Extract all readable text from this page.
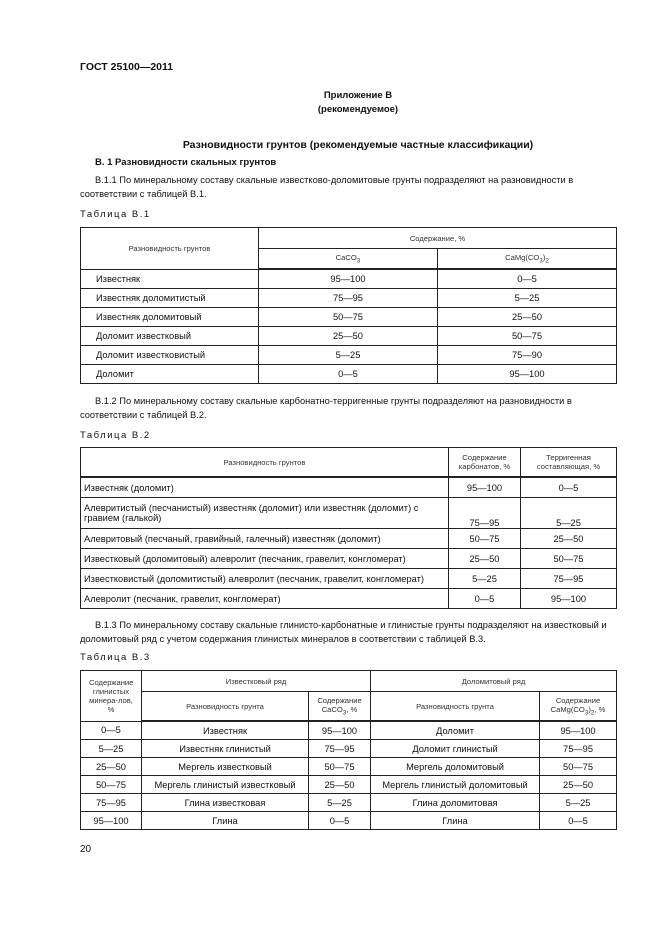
ГОСТ 25100—2011
Приложение В
(рекомендуемое)
Разновидности грунтов (рекомендуемые частные классификации)
В. 1 Разновидности скальных грунтов
В.1.1 По минеральному составу скальные известково-доломитовые грунты подразделяют на разновидности в соответствии с таблицей В.1.
Таблица В.1
Разновидность грунтов	Содержание, %	
	CaCO$_3$	$CaMg(CO_3)_2$
Известняк	95—100	0—5
Известняк доломитистый	75—95	5—25
Известняк доломитовый	50—75	25—50
Доломит известковый	25—50	50—75
Доломит известковистый	5—25	75—90
Доломит	0—5	95—100
В.1.2 По минеральному составу скальные карбонатно-терригенные грунты подразделяют на разновидности в соответствии с таблицей В.2.
Таблица В.2
Разновидность грунтов	Содержание карбонатов, %	Терригенная составляющая, %
Известняк (доломит)	95—100	0—5
Алевритистый (песчанистый) известняк (доломит) или известняк (доломит) с гравием (галькой)	75—95	5—25
Алевритовый (песчаный, гравийный, галечный) известняк (доломит)	50—75	25—50
Известковый (доломитовый) алевролит (песчаник, гравелит, конгломерат)	25—50	50—75
Известковистый (доломитистый) алевролит (песчаник, гравелит, конгломерат)	5—25	75—95
Алевролит (песчаник, гравелит, конгломерат)	0—5	95—100
В.1.3 По минеральному составу скальные глинисто-карбонатные и глинистые грунты подразделяют на известковый и доломитовый ряд с учетом содержания глинистых минералов в соответствии с таблицей В.3.
Таблица В.3
Содержание глинистых минера-лов, %	Известковый ряд		Доломитовый ряд	
	Разновидность грунта	Содержание CaCO$_3$, %	Разновидность грунта	Содержание $CaMg(CO_3)_2$, %
0—5	Известняк	95—100	Доломит	95—100
5—25	Известняк глинистый	75—95	Доломит глинистый	75—95
25—50	Мергель известковый	50—75	Мергель доломитовый	50—75
50—75	Мергель глинистый известковый	25—50	Мергель глинистый доломитовый	25—50
75—95	Глина известковая	5—25	Глина доломитовая	5—25
95—100	Глина	0—5	Глина	0—5
20
